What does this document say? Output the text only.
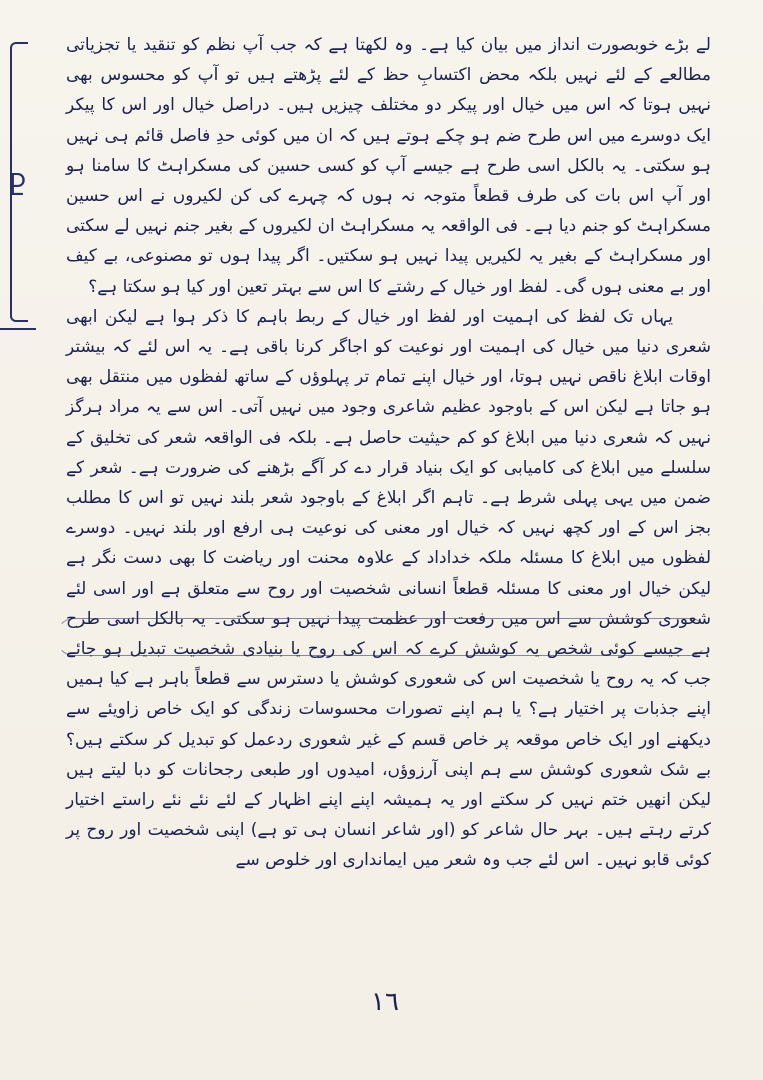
Ⴒ

لے بڑے خوبصورت انداز میں بیان کیا ہے۔ وہ لکھتا ہے کہ جب آپ نظم کو تنقید یا تجزیاتی مطالعے کے لئے نہیں بلکہ محض اکتسابِ حظ کے لئے پڑھتے ہیں تو آپ کو محسوس بھی نہیں ہوتا کہ اس میں خیال اور پیکر دو مختلف چیزیں ہیں۔ دراصل خیال اور اس کا پیکر ایک دوسرے میں اس طرح ضم ہو چکے ہوتے ہیں کہ ان میں کوئی حدِ فاصل قائم ہی نہیں ہو سکتی۔ یہ بالکل اسی طرح ہے جیسے آپ کو کسی حسین کی مسکراہٹ کا سامنا ہو اور آپ اس بات کی طرف قطعاً متوجہ نہ ہوں کہ چہرے کی کن لکیروں نے اس حسین مسکراہٹ کو جنم دیا ہے۔ فی الواقعہ یہ مسکراہٹ ان لکیروں کے بغیر جنم نہیں لے سکتی اور مسکراہٹ کے بغیر یہ لکیریں پیدا نہیں ہو سکتیں۔ اگر پیدا ہوں تو مصنوعی، بے کیف اور بے معنی ہوں گی۔ لفظ اور خیال کے رشتے کا اس سے بہتر تعین اور کیا ہو سکتا ہے؟

یہاں تک لفظ کی اہمیت اور لفظ اور خیال کے ربط باہم کا ذکر ہوا ہے لیکن ابھی شعری دنیا میں خیال کی اہمیت اور نوعیت کو اجاگر کرنا باقی ہے۔ یہ اس لئے کہ بیشتر اوقات ابلاغ ناقص نہیں ہوتا، اور خیال اپنے تمام تر پہلوؤں کے ساتھ لفظوں میں منتقل بھی ہو جاتا ہے لیکن اس کے باوجود عظیم شاعری وجود میں نہیں آتی۔ اس سے یہ مراد ہرگز نہیں کہ شعری دنیا میں ابلاغ کو کم حیثیت حاصل ہے۔ بلکہ فی الواقعہ شعر کی تخلیق کے سلسلے میں ابلاغ کی کامیابی کو ایک بنیاد قرار دے کر آگے بڑھنے کی ضرورت ہے۔ شعر کے ضمن میں یہی پہلی شرط ہے۔ تاہم اگر ابلاغ کے باوجود شعر بلند نہیں تو اس کا مطلب بجز اس کے اور کچھ نہیں کہ خیال اور معنی کی نوعیت ہی ارفع اور بلند نہیں۔ دوسرے لفظوں میں ابلاغ کا مسئلہ ملکہ خداداد کے علاوہ محنت اور ریاضت کا بھی دست نگر ہے لیکن خیال اور معنی کا مسئلہ قطعاً انسانی شخصیت اور روح سے متعلق ہے اور اسی لئے شعوری کوشش سے اس میں رفعت اور عظمت پیدا نہیں ہو سکتی۔ یہ بالکل اسی طرح ہے جیسے کوئی شخص یہ کوشش کرے کہ اس کی روح یا بنیادی شخصیت تبدیل ہو جائے جب کہ یہ روح یا شخصیت اس کی شعوری کوشش یا دسترس سے قطعاً باہر ہے کیا ہمیں اپنے جذبات پر اختیار ہے؟ یا ہم اپنے تصورات محسوسات زندگی کو ایک خاص زاویئے سے دیکھنے اور ایک خاص موقعہ پر خاص قسم کے غیر شعوری ردعمل کو تبدیل کر سکتے ہیں؟ بے شک شعوری کوشش سے ہم اپنی آرزوؤں، امیدوں اور طبعی رجحانات کو دبا لیتے ہیں لیکن انھیں ختم نہیں کر سکتے اور یہ ہمیشہ اپنے اپنے اظہار کے لئے نئے نئے راستے اختیار کرتے رہتے ہیں۔ بہر حال شاعر کو (اور شاعر انسان ہی تو ہے) اپنی شخصیت اور روح پر کوئی قابو نہیں۔ اس لئے جب وہ شعر میں ایمانداری اور خلوص سے

١٦
